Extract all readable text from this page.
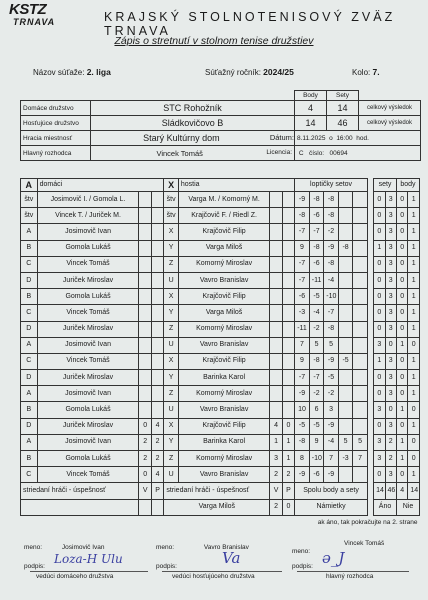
KSTZ
TRNAVA	KRAJSKÝ STOLNOTENISOVÝ ZVÄZ TRNAVA
Zápis o stretnutí v stolnom tenise družstiev
Názov súťaže: 2. liga	Súťažný ročník: 2024/25	Kolo: 7.
		Body	Sety	
Domáce družstvo	STC Rohožník	4	14	celkový výsledok
Hosťujúce družstvo	Sládkovičovo B	14	46	celkový výsledok
Hracia miestnosť	Starý Kultúrny dom Dátum:	8.11.2025 o 16:00 hod.		
Hlavný rozhodca	Vincek Tomáš Licencia:	C číslo: 00694		
A	domáci			X	hostia			loptičky setov						sety		body	
štv	Josimovič I. / Gomola L.			štv	Varga M. / Komorný M.			-9	-8	-8				0	3	0	1
štv	Vincek T. / Juriček M.			štv	Krajčovič F. / Riedl Z.			-8	-6	-8				0	3	0	1
A	Josimovič Ivan			X	Krajčovič Filip			-7	-7	-2				0	3	0	1
B	Gomola Lukáš			Y	Varga Miloš			9	-8	-9	-8			1	3	0	1
C	Vincek Tomáš			Z	Komorný Miroslav			-7	-6	-8				0	3	0	1
D	Juriček Miroslav			U	Vavro Branislav			-7	-11	-4				0	3	0	1
B	Gomola Lukáš			X	Krajčovič Filip			-6	-5	-10				0	3	0	1
C	Vincek Tomáš			Y	Varga Miloš			-3	-4	-7				0	3	0	1
D	Juriček Miroslav			Z	Komorný Miroslav			-11	-2	-8				0	3	0	1
A	Josimovič Ivan			U	Vavro Branislav			7	5	5				3	0	1	0
C	Vincek Tomáš			X	Krajčovič Filip			9	-8	-9	-5			1	3	0	1
D	Juriček Miroslav			Y	Barinka Karol			-7	-7	-5				0	3	0	1
A	Josimovič Ivan			Z	Komorný Miroslav			-9	-2	-2				0	3	0	1
B	Gomola Lukáš			U	Vavro Branislav			10	6	3				3	0	1	0
D	Juriček Miroslav	0	4	X	Krajčovič Filip	4	0	-5	-5	-9				0	3	0	1
A	Josimovič Ivan	2	2	Y	Barinka Karol	1	1	-8	9	-4	5	5		3	2	1	0
B	Gomola Lukáš	2	2	Z	Komorný Miroslav	3	1	8	-10	7	-3	7		3	2	1	0
C	Vincek Tomáš	0	4	U	Vavro Branislav	2	2	-9	-6	-9				0	3	0	1
striedaní hráči - úspešnosť		V	P	striedaní hráči - úspešnosť		V	P	Spolu body a sety						14	46	4	14
				Varga Miloš		2	0	Námietky						Áno		Nie	
								ak áno, tak pokračujte na 2. strane									
meno:	Josimovič Ivan	meno:	Vavro Branislav
Vincek Tomáš
meno:
podpis:	podpis:	podpis:
Loza‑H Ulu	Va	ǝ_J
vedúci domáceho družstva	vedúci hosťujúceho družstva	hlavný rozhodca
